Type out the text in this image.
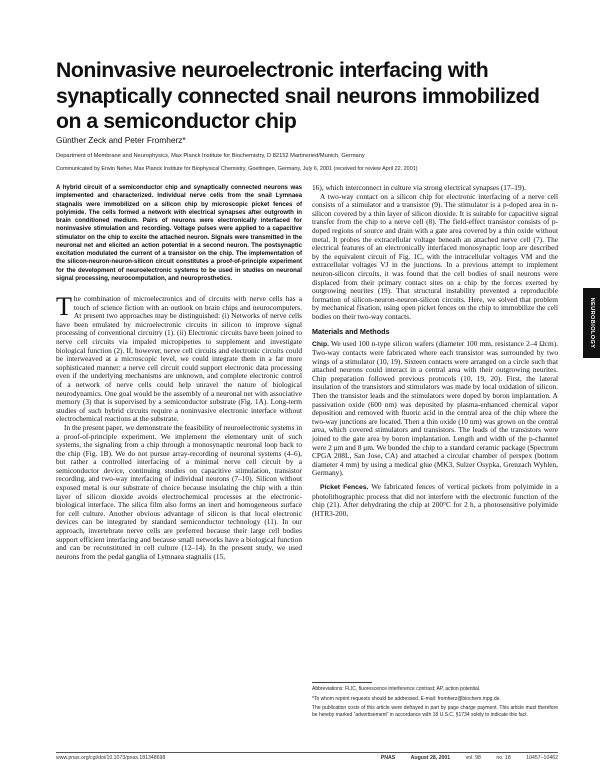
Noninvasive neuroelectronic interfacing with synaptically connected snail neurons immobilized on a semiconductor chip
Günther Zeck and Peter Fromherz*
Department of Membrane and Neurophysics, Max Planck Institute for Biochemistry, D 82152 Martinsried/Munich, Germany
Communicated by Erwin Neher, Max Planck Institute for Biophysical Chemistry, Goettingen, Germany, July 6, 2001 (received for review April 22, 2001)

A hybrid circuit of a semiconductor chip and synaptically connected neurons was implemented and characterized. Individual nerve cells from the snail Lymnaea stagnalis were immobilized on a silicon chip by microscopic picket fences of polyimide. The cells formed a network with electrical synapses after outgrowth in brain conditioned medium. Pairs of neurons were electronically interfaced for noninvasive stimulation and recording. Voltage pulses were applied to a capacitive stimulator on the chip to excite the attached neuron. Signals were transmitted in the neuronal net and elicited an action potential in a second neuron. The postsynaptic excitation modulated the current of a transistor on the chip. The implementation of the silicon-neuron-neuron-silicon circuit constitutes a proof-of-principle experiment for the development of neuroelectronic systems to be used in studies on neuronal signal processing, neurocomputation, and neuroprosthetics.

The combination of microelectronics and of circuits with nerve cells has a touch of science fiction with an outlook on brain chips and neurocomputers. At present two approaches may be distinguished: (i) Networks of nerve cells have been emulated by microelectronic circuits in silicon to improve signal processing of conventional circuitry (1). (ii) Electronic circuits have been joined to nerve cell circuits via impaled micropipettes to supplement and investigate biological function (2). If, however, nerve cell circuits and electronic circuits could be interweaved at a microscopic level, we could integrate them in a far more sophisticated manner: a nerve cell circuit could support electronic data processing even if the underlying mechanisms are unknown, and complete electronic control of a network of nerve cells could help unravel the nature of biological neurodynamics. One goal would be the assembly of a neuronal net with associative memory (3) that is supervised by a semiconductor substrate (Fig. 1A). Long-term studies of such hybrid circuits require a noninvasive electronic interface without electrochemical reactions at the substrate.

In the present paper, we demonstrate the feasibility of neuroelectronic systems in a proof-of-principle experiment. We implement the elementary unit of such systems, the signaling from a chip through a monosynaptic neuronal loop back to the chip (Fig. 1B). We do not pursue array-recording of neuronal systems (4–6), but rather a controlled interfacing of a minimal nerve cell circuit by a semiconductor device, continuing studies on capacitive stimulation, transistor recording, and two-way interfacing of individual neurons (7–10). Silicon without exposed metal is our substrate of choice because insulating the chip with a thin layer of silicon dioxide avoids electrochemical processes at the electronic-biological interface. The silica film also forms an inert and homogeneous surface for cell culture. Another obvious advantage of silicon is that local electronic devices can be integrated by standard semiconductor technology (11). In our approach, invertebrate nerve cells are preferred because their large cell bodies support efficient interfacing and because small networks have a biological function and can be reconstituted in cell culture (12–14). In the present study, we used neurons from the pedal ganglia of Lymnaea stagnalis (15,

16), which interconnect in culture via strong electrical synapses (17–19).

A two-way contact on a silicon chip for electronic interfacing of a nerve cell consists of a stimulator and a transistor (9). The stimulator is a p-doped area in n-silicon covered by a thin layer of silicon dioxide. It is suitable for capacitive signal transfer from the chip to a nerve cell (8). The field-effect transistor consists of p-doped regions of source and drain with a gate area covered by a thin oxide without metal. It probes the extracellular voltage beneath an attached nerve cell (7). The electrical features of an electronically interfaced monosynaptic loop are described by the equivalent circuit of Fig. 1C, with the intracellular voltages VM and the extracellular voltages VJ in the junctions. In a previous attempt to implement neuron-silicon circuits, it was found that the cell bodies of snail neurons were displaced from their primary contact sites on a chip by the forces exerted by outgrowing neurites (19). That structural instability prevented a reproducible formation of silicon-neuron-neuron-silicon circuits. Here, we solved that problem by mechanical fixation, using open picket fences on the chip to immobilize the cell bodies on their two-way contacts.

Materials and Methods

Chip. We used 100 n-type silicon wafers (diameter 100 mm, resistance 2–4 Ωcm). Two-way contacts were fabricated where each transistor was surrounded by two wings of a stimulator (10, 19). Sixteen contacts were arranged on a circle such that attached neurons could interact in a central area with their outgrowing neurites. Chip preparation followed previous protocols (10, 19, 20). First, the lateral insulation of the transistors and stimulators was made by local oxidation of silicon. Then the transistor leads and the stimulators were doped by boron implantation. A passivation oxide (600 nm) was deposited by plasma-enhanced chemical vapor deposition and removed with fluoric acid in the central area of the chip where the two-way junctions are located. Then a thin oxide (10 nm) was grown on the central area, which covered stimulators and transistors. The leads of the transistors were joined to the gate area by boron implantation. Length and width of the p-channel were 2 μm and 8 μm. We bonded the chip to a standard ceramic package (Spectrum CPGA 208L, San Jose, CA) and attached a circular chamber of perspex (bottom diameter 4 mm) by using a medical glue (MK3, Sulzer Osypka, Grenzach Wyhlen, Germany).

Picket Fences. We fabricated fences of vertical pickets from polyimide in a photolithographic process that did not interfere with the electronic function of the chip (21). After dehydrating the chip at 200°C for 2 h, a photosensitive polyimide (HTR3-200,

Abbreviations: FLIC, fluorescence interference contrast; AP, action potential.

*To whom reprint requests should be addressed. E-mail: fromherz@biochem.mpg.de.

The publication costs of this article were defrayed in part by page charge payment. This article must therefore be hereby marked “advertisement” in accordance with 18 U.S.C. §1734 solely to indicate this fact.

NEUROBIOLOGY
www.pnas.org/cgi/doi/10.1073/pnas.181348698	PNAS	August 28, 2001	vol. 98	no. 18	10457–10462
